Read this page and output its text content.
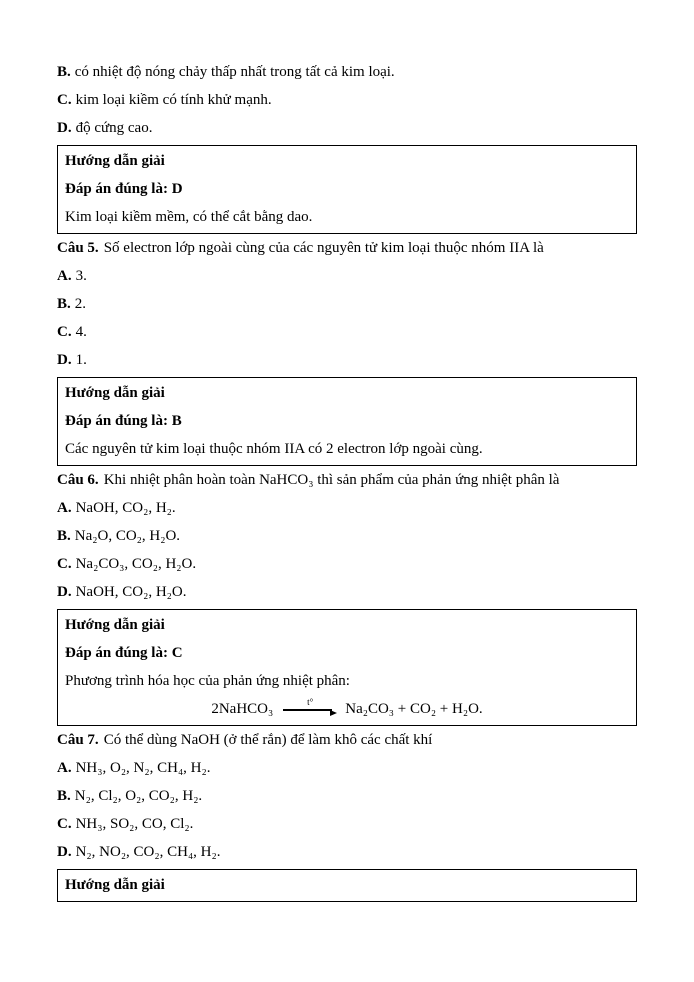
B. có nhiệt độ nóng chảy thấp nhất trong tất cả kim loại.

C. kim loại kiềm có tính khử mạnh.

D. độ cứng cao.

Hướng dẫn giải

Đáp án đúng là: D

Kim loại kiềm mềm, có thể cắt bằng dao.

Câu 5. Số electron lớp ngoài cùng của các nguyên tử kim loại thuộc nhóm IIA là

A. 3.

B. 2.

C. 4.

D. 1.

Hướng dẫn giải

Đáp án đúng là: B

Các nguyên tử kim loại thuộc nhóm IIA có 2 electron lớp ngoài cùng.

Câu 6. Khi nhiệt phân hoàn toàn NaHCO₃ thì sản phẩm của phản ứng nhiệt phân là

A. NaOH, CO₂, H₂.

B. Na₂O, CO₂, H₂O.

C. Na₂CO₃, CO₂, H₂O.

D. NaOH, CO₂, H₂O.

Hướng dẫn giải

Đáp án đúng là: C

Phương trình hóa học của phản ứng nhiệt phân:

2NaHCO₃	t° Na₂CO₃ + CO₂ + H₂O.

Câu 7. Có thể dùng NaOH (ở thể rắn) để làm khô các chất khí

A. NH₃, O₂, N₂, CH₄, H₂.

B. N₂, Cl₂, O₂, CO₂, H₂.

C. NH₃, SO₂, CO, Cl₂.

D. N₂, NO₂, CO₂, CH₄, H₂.

Hướng dẫn giải
